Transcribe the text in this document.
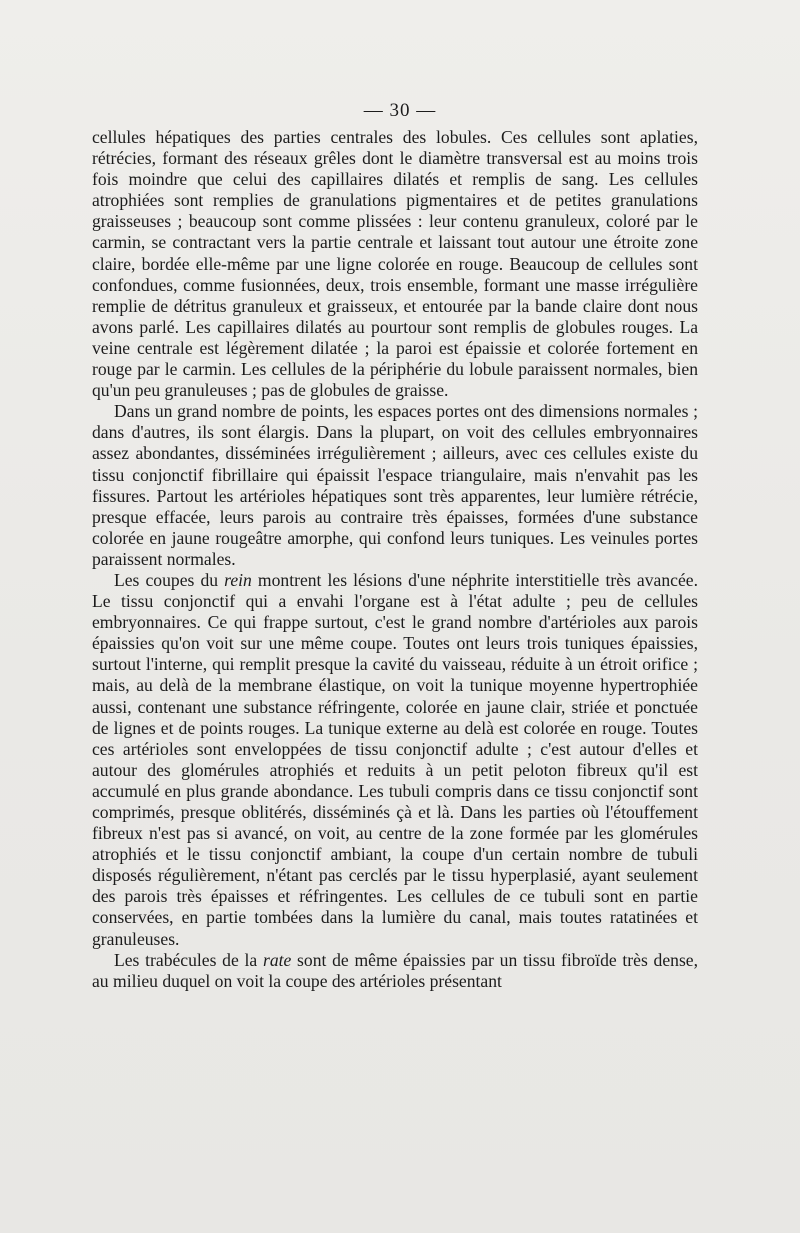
— 30 —

cellules hépatiques des parties centrales des lobules. Ces cellules sont aplaties, rétrécies, formant des réseaux grêles dont le diamètre transversal est au moins trois fois moindre que celui des capillaires dilatés et remplis de sang. Les cellules atrophiées sont remplies de granulations pigmentaires et de petites granulations graisseuses ; beaucoup sont comme plissées : leur contenu granuleux, coloré par le carmin, se contractant vers la partie centrale et laissant tout autour une étroite zone claire, bordée elle-même par une ligne colorée en rouge. Beaucoup de cellules sont confondues, comme fusionnées, deux, trois ensemble, formant une masse irrégulière remplie de détritus granuleux et graisseux, et entourée par la bande claire dont nous avons parlé. Les capillaires dilatés au pourtour sont remplis de globules rouges. La veine centrale est légèrement dilatée ; la paroi est épaissie et colorée fortement en rouge par le carmin. Les cellules de la périphérie du lobule paraissent normales, bien qu'un peu granuleuses ; pas de globules de graisse.

Dans un grand nombre de points, les espaces portes ont des dimensions normales ; dans d'autres, ils sont élargis. Dans la plupart, on voit des cellules embryonnaires assez abondantes, disséminées irrégulièrement ; ailleurs, avec ces cellules existe du tissu conjonctif fibrillaire qui épaissit l'espace triangulaire, mais n'envahit pas les fissures. Partout les artérioles hépatiques sont très apparentes, leur lumière rétrécie, presque effacée, leurs parois au contraire très épaisses, formées d'une substance colorée en jaune rougeâtre amorphe, qui confond leurs tuniques. Les veinules portes paraissent normales.

Les coupes du rein montrent les lésions d'une néphrite interstitielle très avancée. Le tissu conjonctif qui a envahi l'organe est à l'état adulte ; peu de cellules embryonnaires. Ce qui frappe surtout, c'est le grand nombre d'artérioles aux parois épaissies qu'on voit sur une même coupe. Toutes ont leurs trois tuniques épaissies, surtout l'interne, qui remplit presque la cavité du vaisseau, réduite à un étroit orifice ; mais, au delà de la membrane élastique, on voit la tunique moyenne hypertrophiée aussi, contenant une substance réfringente, colorée en jaune clair, striée et ponctuée de lignes et de points rouges. La tunique externe au delà est colorée en rouge. Toutes ces artérioles sont enveloppées de tissu conjonctif adulte ; c'est autour d'elles et autour des glomérules atrophiés et reduits à un petit peloton fibreux qu'il est accumulé en plus grande abondance. Les tubuli compris dans ce tissu conjonctif sont comprimés, presque oblitérés, disséminés çà et là. Dans les parties où l'étouffement fibreux n'est pas si avancé, on voit, au centre de la zone formée par les glomérules atrophiés et le tissu conjonctif ambiant, la coupe d'un certain nombre de tubuli disposés régulièrement, n'étant pas cerclés par le tissu hyperplasié, ayant seulement des parois très épaisses et réfringentes. Les cellules de ce tubuli sont en partie conservées, en partie tombées dans la lumière du canal, mais toutes ratatinées et granuleuses.

Les trabécules de la rate sont de même épaissies par un tissu fibroïde très dense, au milieu duquel on voit la coupe des artérioles présentant
